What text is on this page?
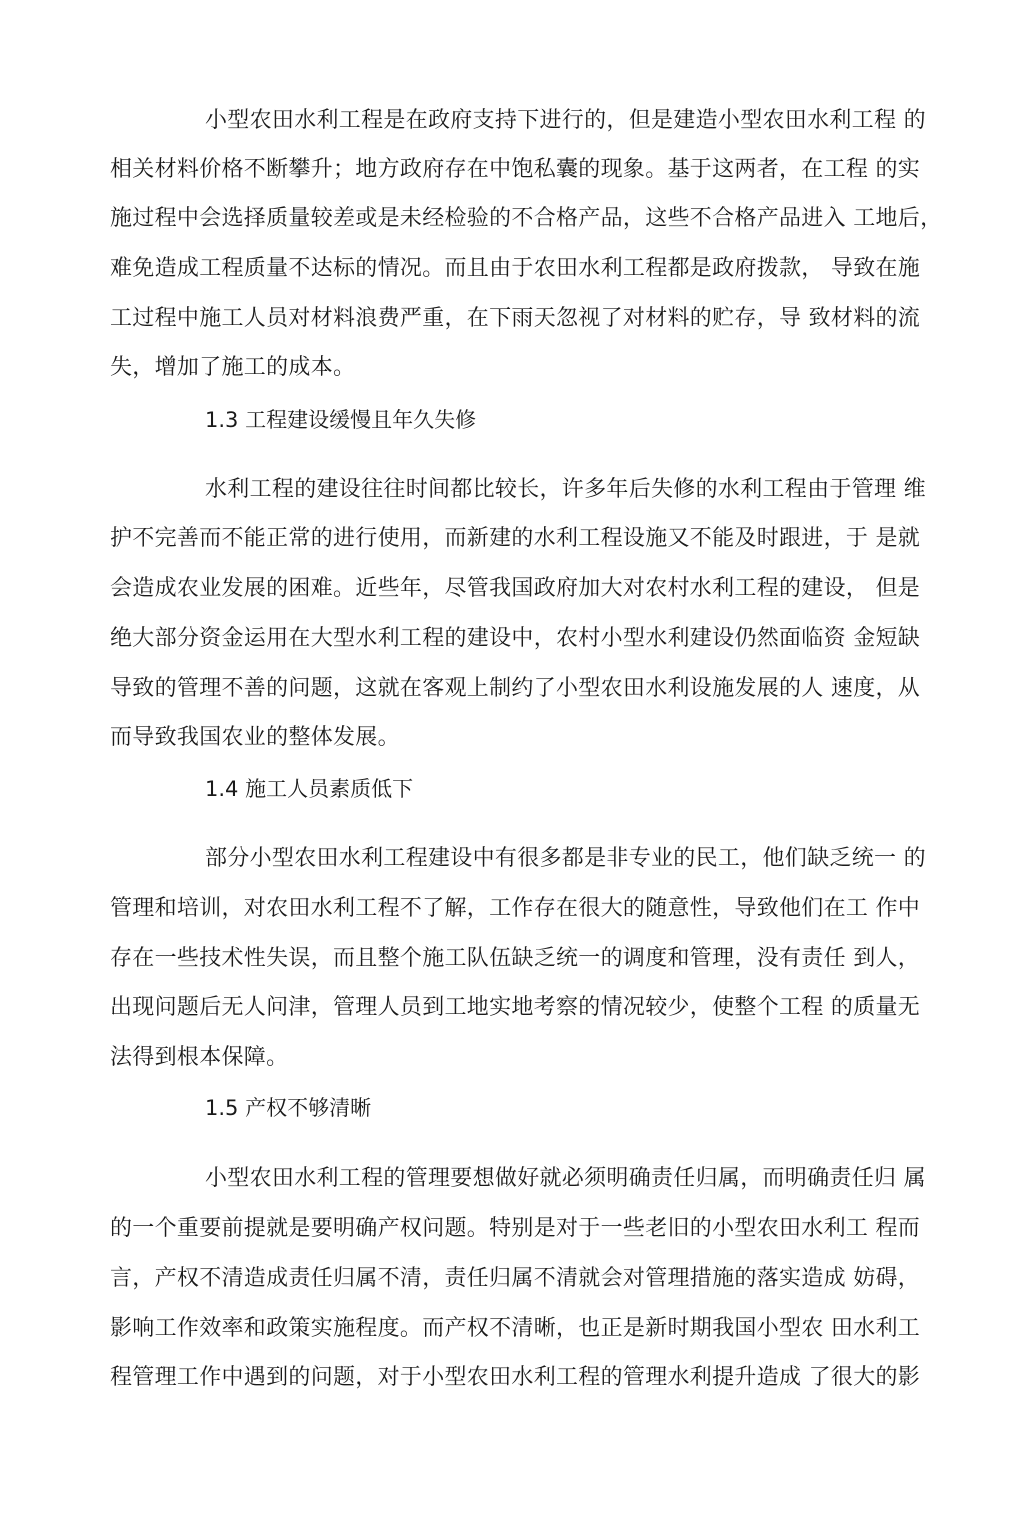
小型农田水利工程是在政府支持下进行的，但是建造小型农田水利工程 的

相关材料价格不断攀升；地方政府存在中饱私囊的现象。基于这两者，在工程 的实

施过程中会选择质量较差或是未经检验的不合格产品，这些不合格产品进入 工地后，

难免造成工程质量不达标的情况。而且由于农田水利工程都是政府拨款， 导致在施

工过程中施工人员对材料浪费严重，在下雨天忽视了对材料的贮存，导 致材料的流

失，增加了施工的成本。

1.3 工程建设缓慢且年久失修

水利工程的建设往往时间都比较长，许多年后失修的水利工程由于管理 维

护不完善而不能正常的进行使用，而新建的水利工程设施又不能及时跟进，于 是就

会造成农业发展的困难。近些年，尽管我国政府加大对农村水利工程的建设， 但是

绝大部分资金运用在大型水利工程的建设中，农村小型水利建设仍然面临资 金短缺

导致的管理不善的问题，这就在客观上制约了小型农田水利设施发展的人 速度，从

而导致我国农业的整体发展。

1.4 施工人员素质低下

部分小型农田水利工程建设中有很多都是非专业的民工，他们缺乏统一 的

管理和培训，对农田水利工程不了解，工作存在很大的随意性，导致他们在工 作中

存在一些技术性失误，而且整个施工队伍缺乏统一的调度和管理，没有责任 到人，

出现问题后无人问津，管理人员到工地实地考察的情况较少，使整个工程 的质量无

法得到根本保障。

1.5 产权不够清晰

小型农田水利工程的管理要想做好就必须明确责任归属，而明确责任归 属

的一个重要前提就是要明确产权问题。特别是对于一些老旧的小型农田水利工 程而

言，产权不清造成责任归属不清，责任归属不清就会对管理措施的落实造成 妨碍，

影响工作效率和政策实施程度。而产权不清晰，也正是新时期我国小型农 田水利工

程管理工作中遇到的问题，对于小型农田水利工程的管理水利提升造成 了很大的影
